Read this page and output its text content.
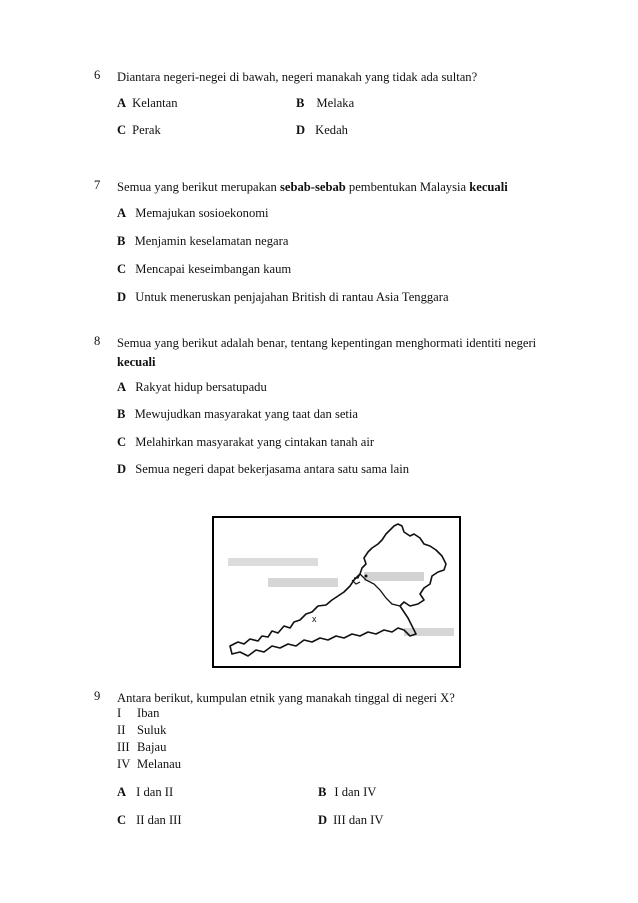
6 Diantara negeri-negei di bawah, negeri manakah yang tidak ada sultan?
A Kelantan	B Melaka
C Perak	D Kedah
7 Semua yang berikut merupakan sebab-sebab pembentukan Malaysia kecuali
A Memajukan sosioekonomi
B Menjamin keselamatan negara
C Mencapai keseimbangan kaum
D Untuk meneruskan penjajahan British di rantau Asia Tenggara
8 Semua yang berikut adalah benar, tentang kepentingan menghormati identiti negeri kecuali
A Rakyat hidup bersatupadu
B Mewujudkan masyarakat yang taat dan setia
C Melahirkan masyarakat yang cintakan tanah air
D Semua negeri dapat bekerjasama antara satu sama lain
x
9 Antara berikut, kumpulan etnik yang manakah tinggal di negeri X?
I Iban
II Suluk
III Bajau
IV Melanau
A I dan II	B I dan IV
C II dan III	D III dan IV
